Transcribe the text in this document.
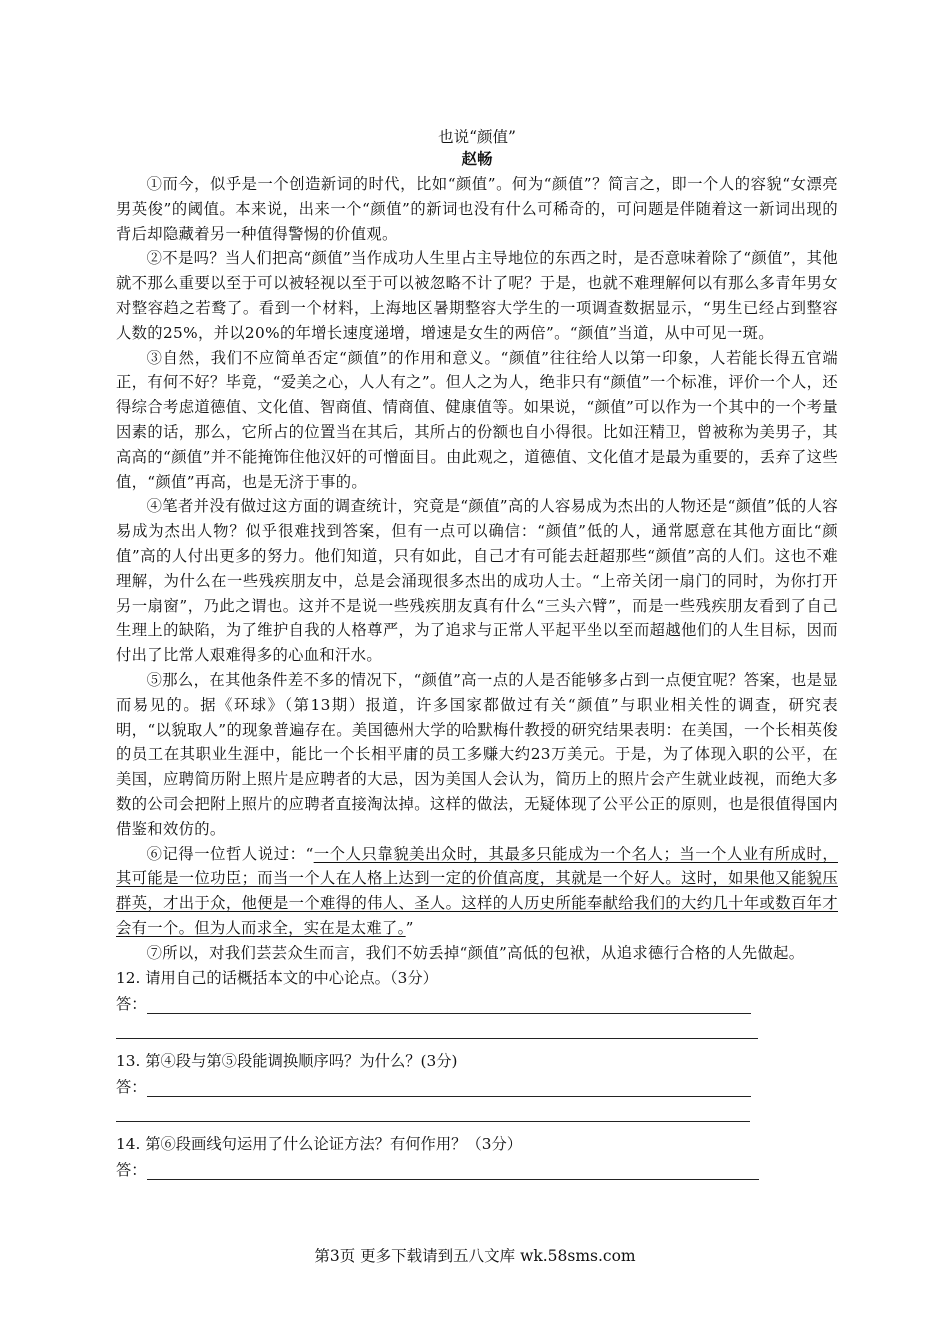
也说“颜值”
赵畅

①而今，似乎是一个创造新词的时代，比如“颜值”。何为“颜值”？简言之，即一个人的容貌“女漂亮男英俊”的阈值。本来说，出来一个“颜值”的新词也没有什么可稀奇的，可问题是伴随着这一新词出现的背后却隐藏着另一种值得警惕的价值观。

②不是吗？当人们把高“颜值”当作成功人生里占主导地位的东西之时，是否意味着除了“颜值”，其他就不那么重要以至于可以被轻视以至于可以被忽略不计了呢？于是，也就不难理解何以有那么多青年男女对整容趋之若鹜了。看到一个材料，上海地区暑期整容大学生的一项调查数据显示，“男生已经占到整容人数的25%，并以20%的年增长速度递增，增速是女生的两倍”。“颜值”当道，从中可见一斑。

③自然，我们不应简单否定“颜值”的作用和意义。“颜值”往往给人以第一印象，人若能长得五官端正，有何不好？毕竟，“爱美之心，人人有之”。但人之为人，绝非只有“颜值”一个标准，评价一个人，还得综合考虑道德值、文化值、智商值、情商值、健康值等。如果说，“颜值”可以作为一个其中的一个考量因素的话，那么，它所占的位置当在其后，其所占的份额也自小得很。比如汪精卫，曾被称为美男子，其高高的“颜值”并不能掩饰住他汉奸的可憎面目。由此观之，道德值、文化值才是最为重要的，丢弃了这些值，“颜值”再高，也是无济于事的。

④笔者并没有做过这方面的调查统计，究竟是“颜值”高的人容易成为杰出的人物还是“颜值”低的人容易成为杰出人物？似乎很难找到答案，但有一点可以确信：“颜值”低的人，通常愿意在其他方面比“颜值”高的人付出更多的努力。他们知道，只有如此，自己才有可能去赶超那些“颜值”高的人们。这也不难理解，为什么在一些残疾朋友中，总是会涌现很多杰出的成功人士。“上帝关闭一扇门的同时，为你打开另一扇窗”，乃此之谓也。这并不是说一些残疾朋友真有什么“三头六臂”，而是一些残疾朋友看到了自己生理上的缺陷，为了维护自我的人格尊严，为了追求与正常人平起平坐以至而超越他们的人生目标，因而付出了比常人艰难得多的心血和汗水。

⑤那么，在其他条件差不多的情况下，“颜值”高一点的人是否能够多占到一点便宜呢？答案，也是显而易见的。据《环球》（第13期）报道，许多国家都做过有关“颜值”与职业相关性的调查，研究表明，“以貌取人”的现象普遍存在。美国德州大学的哈默梅什教授的研究结果表明：在美国，一个长相英俊的员工在其职业生涯中，能比一个长相平庸的员工多赚大约23万美元。于是，为了体现入职的公平，在美国，应聘简历附上照片是应聘者的大忌，因为美国人会认为，简历上的照片会产生就业歧视，而绝大多数的公司会把附上照片的应聘者直接淘汰掉。这样的做法，无疑体现了公平公正的原则，也是很值得国内借鉴和效仿的。

⑥记得一位哲人说过：“一个人只靠貌美出众时，其最多只能成为一个名人；当一个人业有所成时，其可能是一位功臣；而当一个人在人格上达到一定的价值高度，其就是一个好人。这时，如果他又能貌压群英，才出于众，他便是一个难得的伟人、圣人。这样的人历史所能奉献给我们的大约几十年或数百年才会有一个。但为人而求全，实在是太难了。”

⑦所以，对我们芸芸众生而言，我们不妨丢掉“颜值”高低的包袱，从追求德行合格的人先做起。

12. 请用自己的话概括本文的中心论点。（3分）
答：
13. 第④段与第⑤段能调换顺序吗？为什么？(3分)
答：
14. 第⑥段画线句运用了什么论证方法？有何作用？（3分）
答：
第3页 更多下载请到五八文库 wk.58sms.com
